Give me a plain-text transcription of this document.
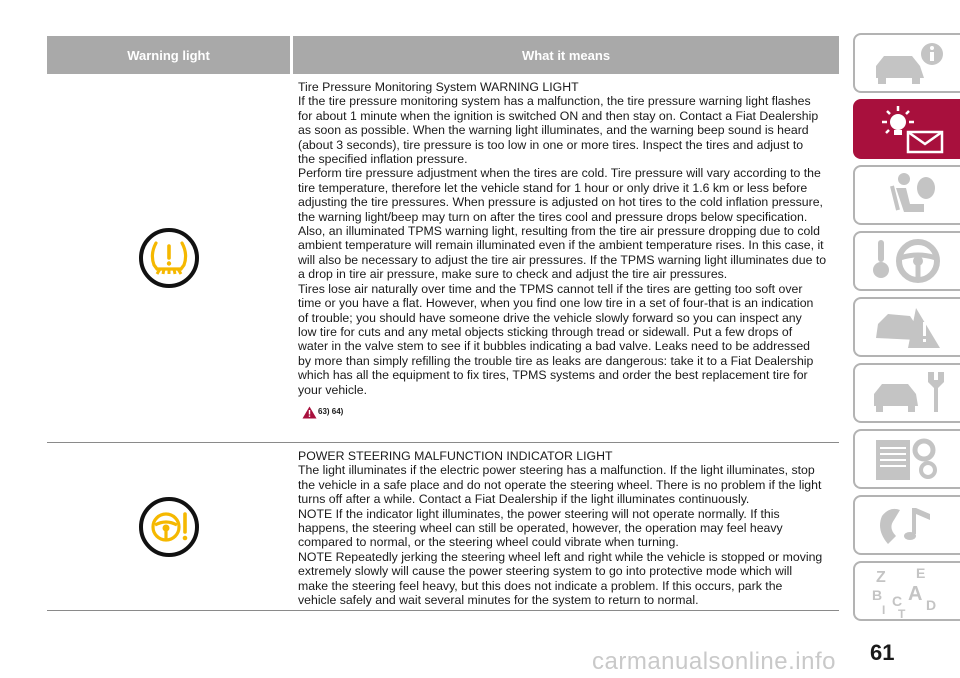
Warning light	What it means

Tire Pressure Monitoring System WARNING LIGHT

If the tire pressure monitoring system has a malfunction, the tire pressure warning light flashes

for about 1 minute when the ignition is switched ON and then stay on. Contact a Fiat Dealership

as soon as possible. When the warning light illuminates, and the warning beep sound is heard

(about 3 seconds), tire pressure is too low in one or more tires. Inspect the tires and adjust to

the specified inflation pressure.

Perform tire pressure adjustment when the tires are cold. Tire pressure will vary according to the

tire temperature, therefore let the vehicle stand for 1 hour or only drive it 1.6 km or less before

adjusting the tire pressures. When pressure is adjusted on hot tires to the cold inflation pressure,

the warning light/beep may turn on after the tires cool and pressure drops below specification.

Also, an illuminated TPMS warning light, resulting from the tire air pressure dropping due to cold

ambient temperature will remain illuminated even if the ambient temperature rises. In this case, it

will also be necessary to adjust the tire air pressures. If the TPMS warning light illuminates due to

a drop in tire air pressure, make sure to check and adjust the tire air pressures.

Tires lose air naturally over time and the TPMS cannot tell if the tires are getting too soft over

time or you have a flat. However, when you find one low tire in a set of four-that is an indication

of trouble; you should have someone drive the vehicle slowly forward so you can inspect any

low tire for cuts and any metal objects sticking through tread or sidewall. Put a few drops of

water in the valve stem to see if it bubbles indicating a bad valve. Leaks need to be addressed

by more than simply refilling the trouble tire as leaks are dangerous: take it to a Fiat Dealership

which has all the equipment to fix tires, TPMS systems and order the best replacement tire for

your vehicle.

63) 64)

POWER STEERING MALFUNCTION INDICATOR LIGHT

The light illuminates if the electric power steering has a malfunction. If the light illuminates, stop

the vehicle in a safe place and do not operate the steering wheel. There is no problem if the light

turns off after a while. Contact a Fiat Dealership if the light illuminates continuously.

NOTE If the indicator light illuminates, the power steering will not operate normally. If this

happens, the steering wheel can still be operated, however, the operation may feel heavy

compared to normal, or the steering wheel could vibrate when turning.

NOTE Repeatedly jerking the steering wheel left and right while the vehicle is stopped or moving

extremely slowly will cause the power steering system to go into protective mode which will

make the steering feel heavy, but this does not indicate a problem. If this occurs, park the

vehicle safely and wait several minutes for the system to return to normal.

Z E
B A
C D
T
I
61
carmanualsonline.info
